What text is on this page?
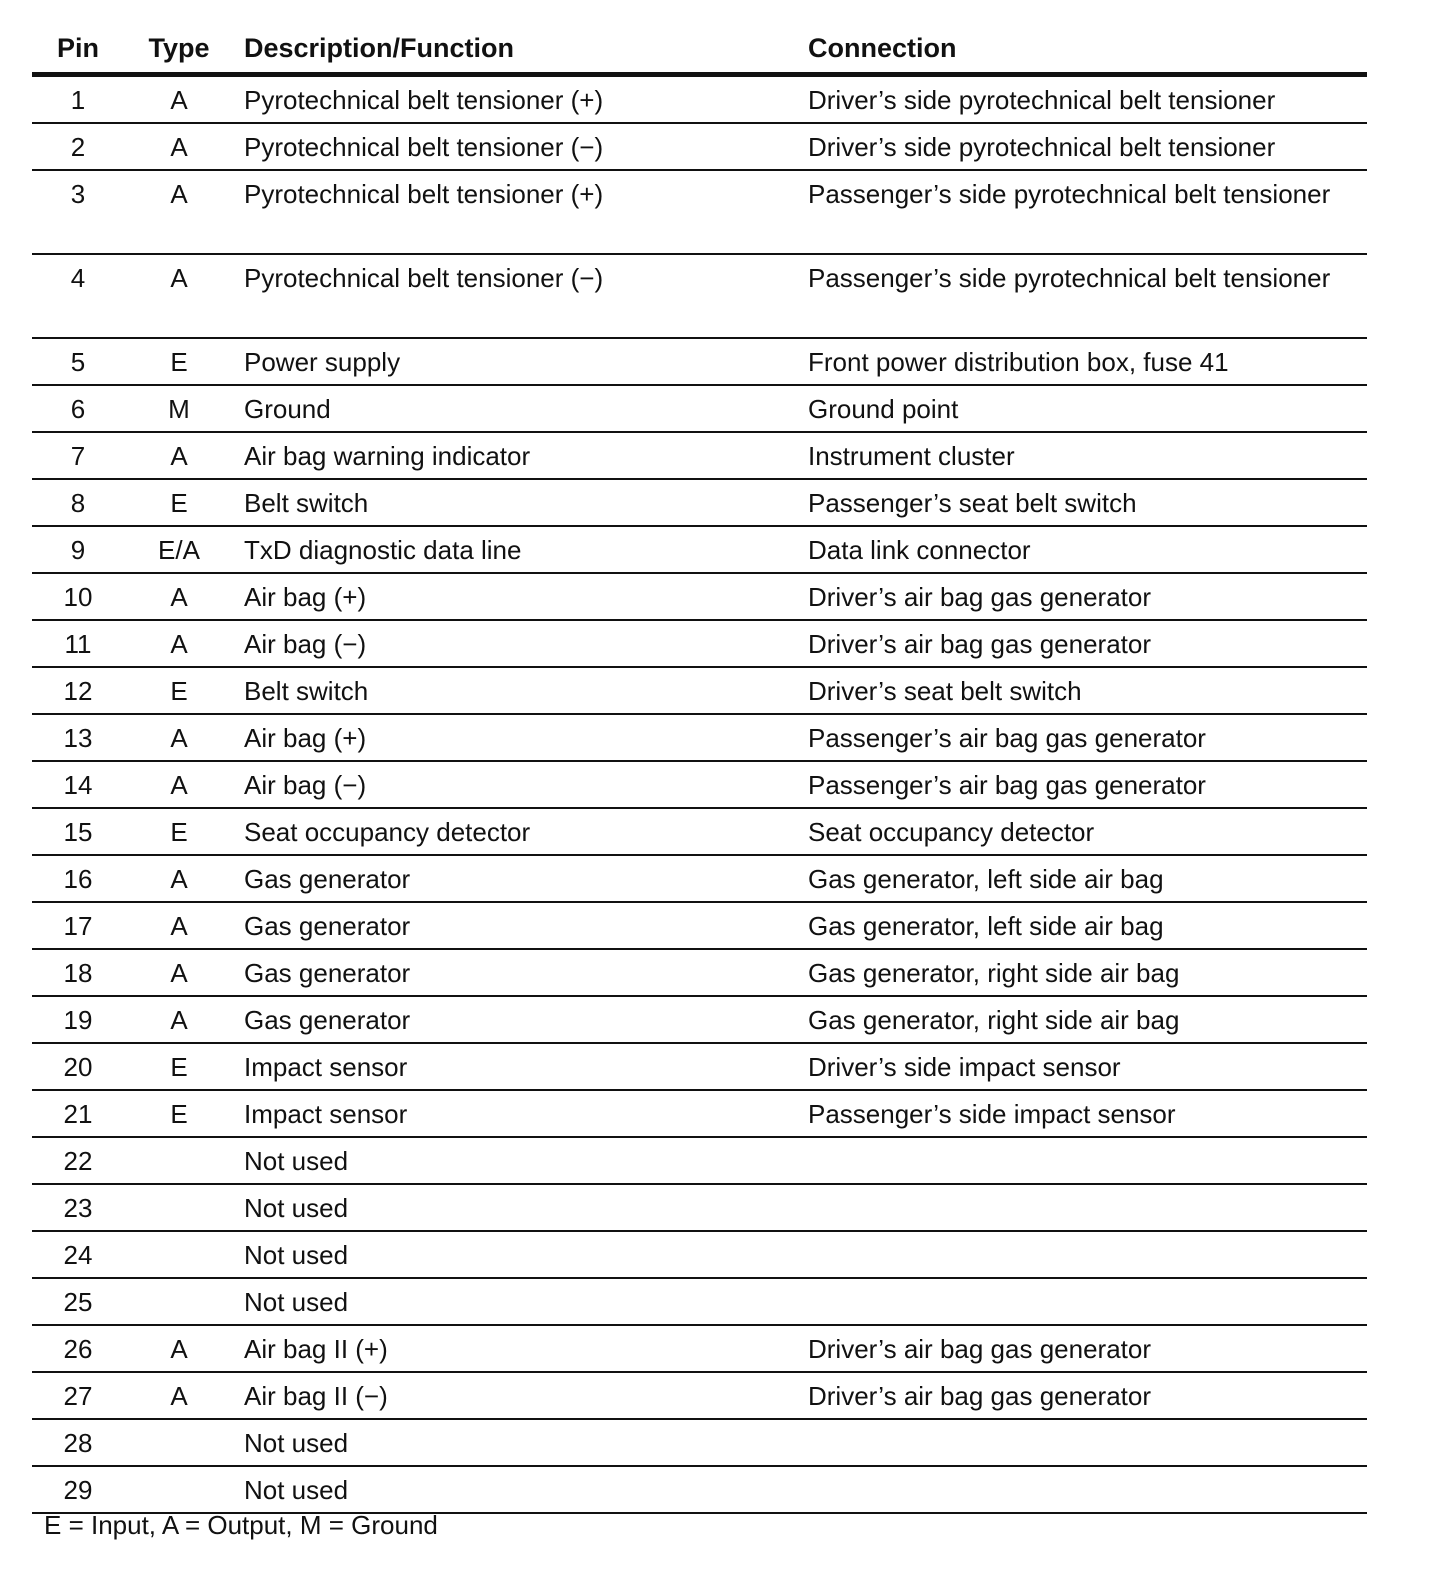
Pin	Type	Description/Function	Connection
1	A	Pyrotechnical belt tensioner (+)	Driver’s side pyrotechnical belt tensioner
2	A	Pyrotechnical belt tensioner (−)	Driver’s side pyrotechnical belt tensioner
3	A	Pyrotechnical belt tensioner (+)	Passenger’s side pyrotechnical belt tensioner
4	A	Pyrotechnical belt tensioner (−)	Passenger’s side pyrotechnical belt tensioner
5	E	Power supply	Front power distribution box, fuse 41
6	M	Ground	Ground point
7	A	Air bag warning indicator	Instrument cluster
8	E	Belt switch	Passenger’s seat belt switch
9	E/A	TxD diagnostic data line	Data link connector
10	A	Air bag (+)	Driver’s air bag gas generator
11	A	Air bag (−)	Driver’s air bag gas generator
12	E	Belt switch	Driver’s seat belt switch
13	A	Air bag (+)	Passenger’s air bag gas generator
14	A	Air bag (−)	Passenger’s air bag gas generator
15	E	Seat occupancy detector	Seat occupancy detector
16	A	Gas generator	Gas generator, left side air bag
17	A	Gas generator	Gas generator, left side air bag
18	A	Gas generator	Gas generator, right side air bag
19	A	Gas generator	Gas generator, right side air bag
20	E	Impact sensor	Driver’s side impact sensor
21	E	Impact sensor	Passenger’s side impact sensor
22		Not used	
23		Not used	
24		Not used	
25		Not used	
26	A	Air bag II (+)	Driver’s air bag gas generator
27	A	Air bag II (−)	Driver’s air bag gas generator
28		Not used	
29		Not used	
E = Input, A = Output, M = Ground
